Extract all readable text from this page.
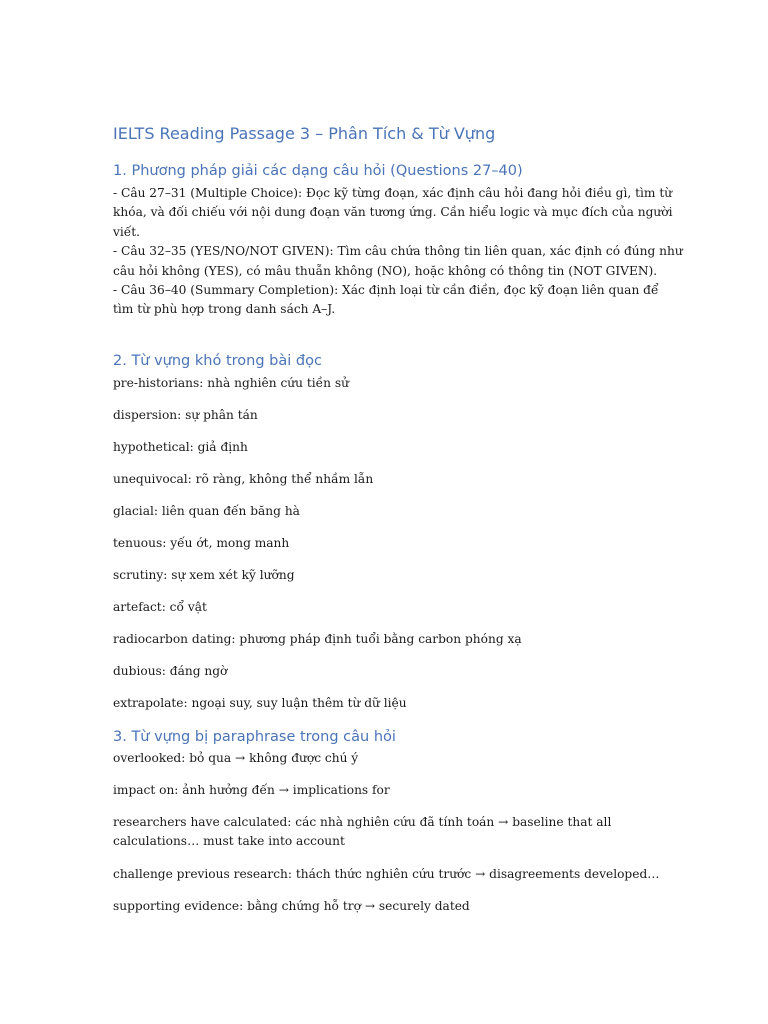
IELTS Reading Passage 3 – Phân Tích & Từ Vựng
1. Phương pháp giải các dạng câu hỏi (Questions 27–40)
- Câu 27–31 (Multiple Choice): Đọc kỹ từng đoạn, xác định câu hỏi đang hỏi điều gì, tìm từ
khóa, và đối chiếu với nội dung đoạn văn tương ứng. Cần hiểu logic và mục đích của người
viết.
- Câu 32–35 (YES/NO/NOT GIVEN): Tìm câu chứa thông tin liên quan, xác định có đúng như
câu hỏi không (YES), có mâu thuẫn không (NO), hoặc không có thông tin (NOT GIVEN).
- Câu 36–40 (Summary Completion): Xác định loại từ cần điền, đọc kỹ đoạn liên quan để
tìm từ phù hợp trong danh sách A–J.
2. Từ vựng khó trong bài đọc
pre-historians: nhà nghiên cứu tiền sử
dispersion: sự phân tán
hypothetical: giả định
unequivocal: rõ ràng, không thể nhầm lẫn
glacial: liên quan đến băng hà
tenuous: yếu ớt, mong manh
scrutiny: sự xem xét kỹ lưỡng
artefact: cổ vật
radiocarbon dating: phương pháp định tuổi bằng carbon phóng xạ
dubious: đáng ngờ
extrapolate: ngoại suy, suy luận thêm từ dữ liệu
3. Từ vựng bị paraphrase trong câu hỏi
overlooked: bỏ qua → không được chú ý
impact on: ảnh hưởng đến → implications for
researchers have calculated: các nhà nghiên cứu đã tính toán → baseline that all
calculations… must take into account
challenge previous research: thách thức nghiên cứu trước → disagreements developed…
supporting evidence: bằng chứng hỗ trợ → securely dated
